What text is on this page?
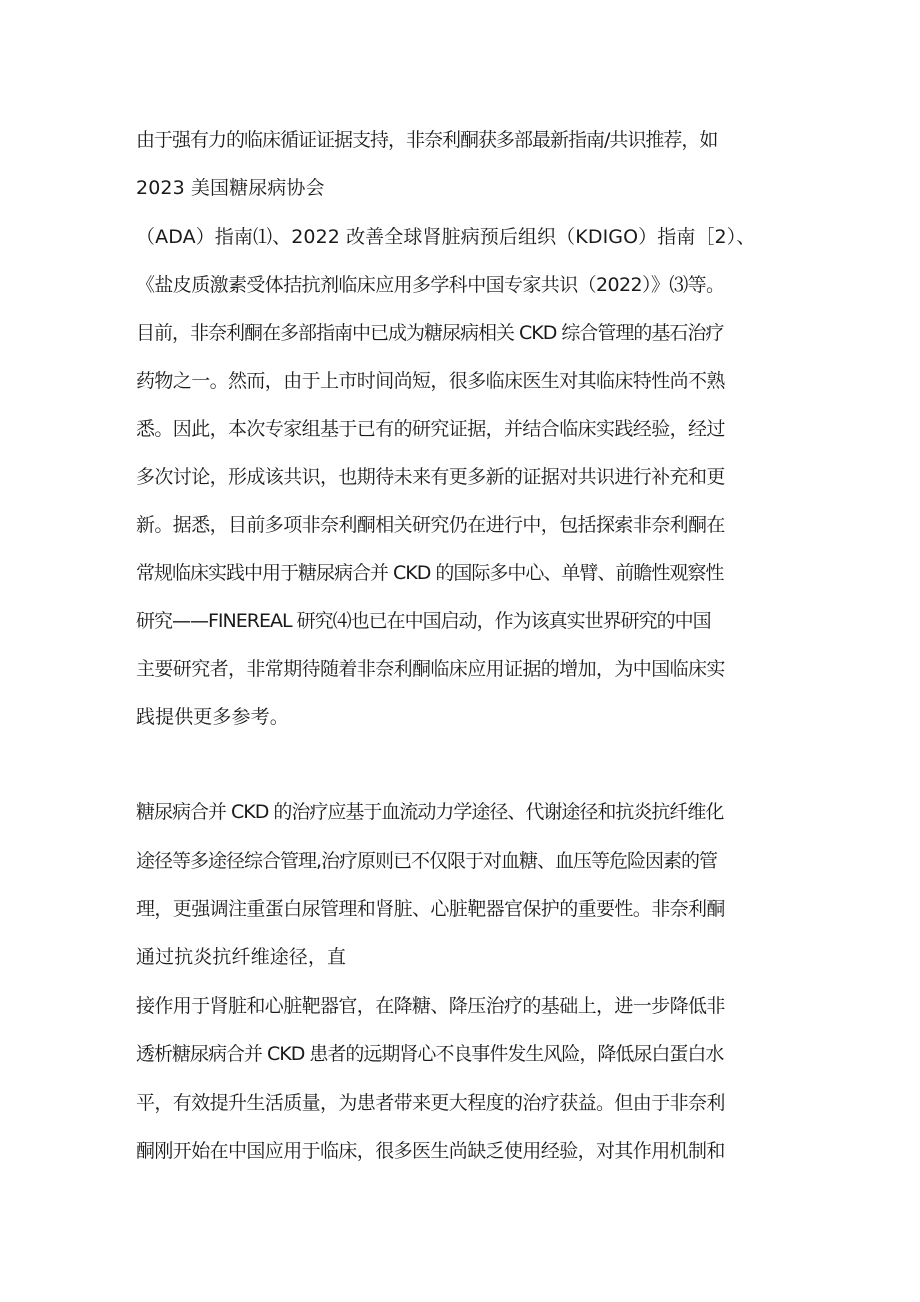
由于强有力的临床循证证据支持，非奈利酮获多部最新指南/共识推荐，如

2023 美国糖尿病协会

（ADA）指南⑴、2022 改善全球肾脏病预后组织（KDIGO）指南［2）、

《盐皮质激素受体拮抗剂临床应用多学科中国专家共识（2022）》⑶等。

目前，非奈利酮在多部指南中已成为糖尿病相关 CKD 综合管理的基石治疗

药物之一。然而，由于上市时间尚短，很多临床医生对其临床特性尚不熟

悉。因此，本次专家组基于已有的研究证据，并结合临床实践经验，经过

多次讨论，形成该共识，也期待未来有更多新的证据对共识进行补充和更

新。据悉，目前多项非奈利酮相关研究仍在进行中，包括探索非奈利酮在

常规临床实践中用于糖尿病合并 CKD 的国际多中心、单臂、前瞻性观察性

研究——FINEREAL 研究⑷也已在中国启动，作为该真实世界研究的中国

主要研究者，非常期待随着非奈利酮临床应用证据的增加，为中国临床实

践提供更多参考。

糖尿病合并 CKD 的治疗应基于血流动力学途径、代谢途径和抗炎抗纤维化

途径等多途径综合管理,治疗原则已不仅限于对血糖、血压等危险因素的管

理，更强调注重蛋白尿管理和肾脏、心脏靶器官保护的重要性。非奈利酮

通过抗炎抗纤维途径，直

接作用于肾脏和心脏靶器官，在降糖、降压治疗的基础上，进一步降低非

透析糖尿病合并 CKD 患者的远期肾心不良事件发生风险，降低尿白蛋白水

平，有效提升生活质量，为患者带来更大程度的治疗获益。但由于非奈利

酮刚开始在中国应用于临床，很多医生尚缺乏使用经验，对其作用机制和
